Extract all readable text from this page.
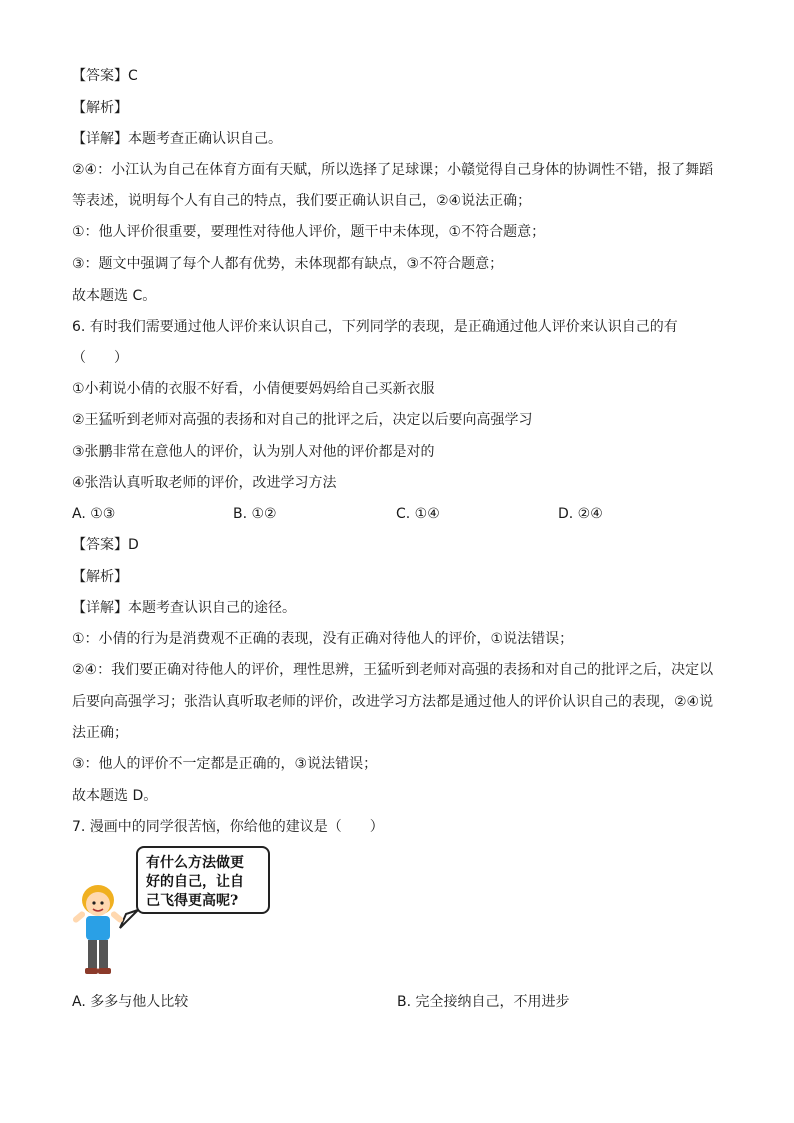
【答案】C
【解析】
【详解】本题考查正确认识自己。
②④：小江认为自己在体育方面有天赋，所以选择了足球课；小赣觉得自己身体的协调性不错，报了舞蹈
等表述，说明每个人有自己的特点，我们要正确认识自己，②④说法正确；
①：他人评价很重要，要理性对待他人评价，题干中未体现，①不符合题意；
③：题文中强调了每个人都有优势，未体现都有缺点，③不符合题意；
故本题选 C。
6. 有时我们需要通过他人评价来认识自己，下列同学的表现，是正确通过他人评价来认识自己的有
（　　）
①小莉说小倩的衣服不好看，小倩便要妈妈给自己买新衣服
②王猛听到老师对高强的表扬和对自己的批评之后，决定以后要向高强学习
③张鹏非常在意他人的评价，认为别人对他的评价都是对的
④张浩认真听取老师的评价，改进学习方法
A. ①③	B. ①②	C. ①④	D. ②④
【答案】D
【解析】
【详解】本题考查认识自己的途径。
①：小倩的行为是消费观不正确的表现，没有正确对待他人的评价，①说法错误；
②④：我们要正确对待他人的评价，理性思辨，王猛听到老师对高强的表扬和对自己的批评之后，决定以
后要向高强学习；张浩认真听取老师的评价，改进学习方法都是通过他人的评价认识自己的表现，②④说
法正确；
③：他人的评价不一定都是正确的，③说法错误；
故本题选 D。
7. 漫画中的同学很苦恼，你给他的建议是（　　）
有什么方法做更
好的自己，让自
己飞得更高呢?
A. 多多与他人比较	B. 完全接纳自己，不用进步
